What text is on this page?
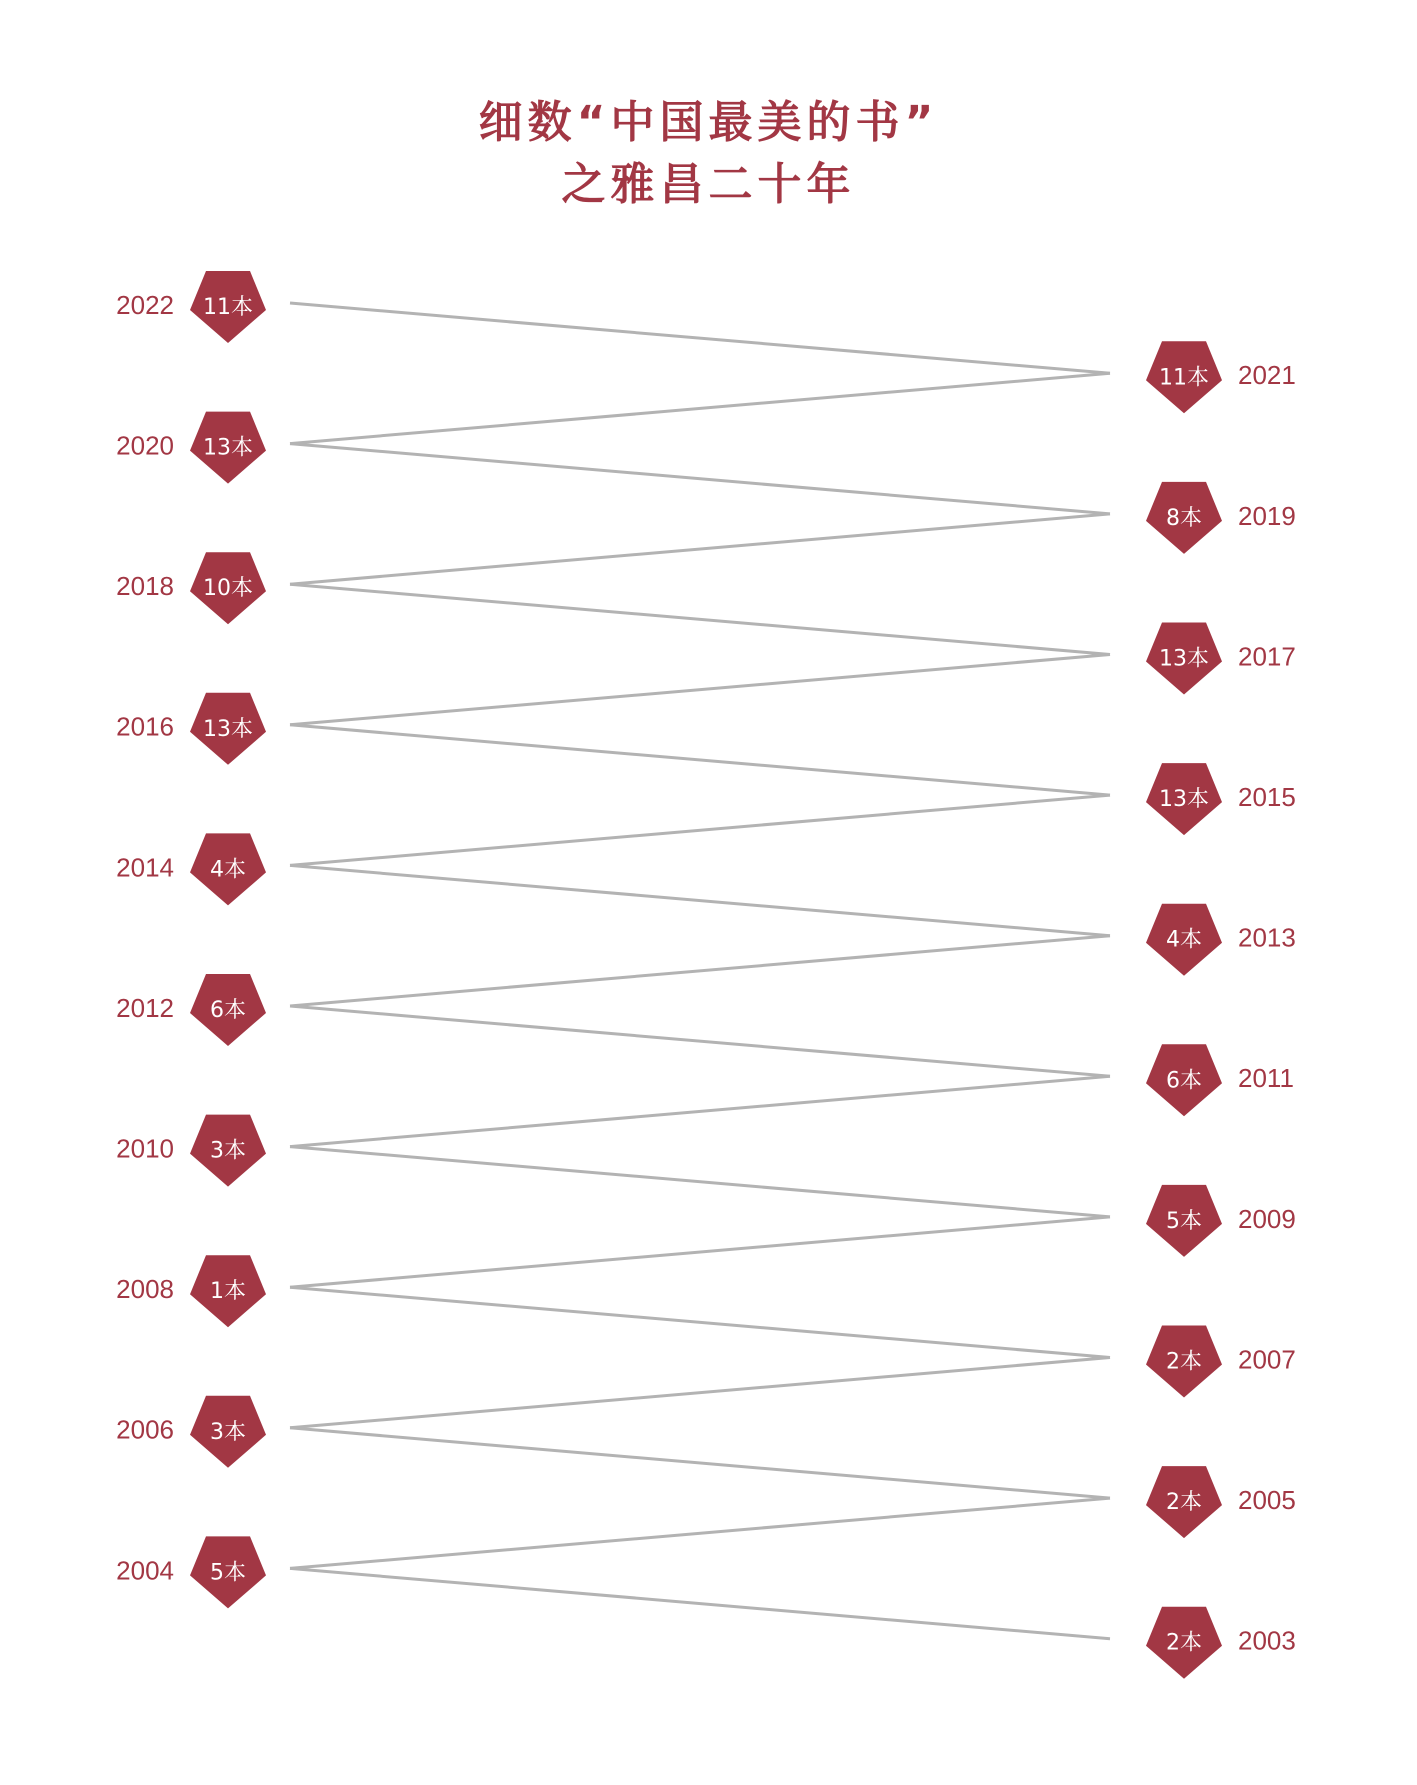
细数“中国最美的书”
之雅昌二十年
11本
2022
11本 2021
13本
2020
8本 2019
10本
2018
13本 2017
13本
2016
13本 2015
4本
2014
4本 2013
6本
2012
6本 2011
3本
2010
5本 2009
1本
2008
2本 2007
3本
2006
2本 2005
5本
2004
2本 2003
